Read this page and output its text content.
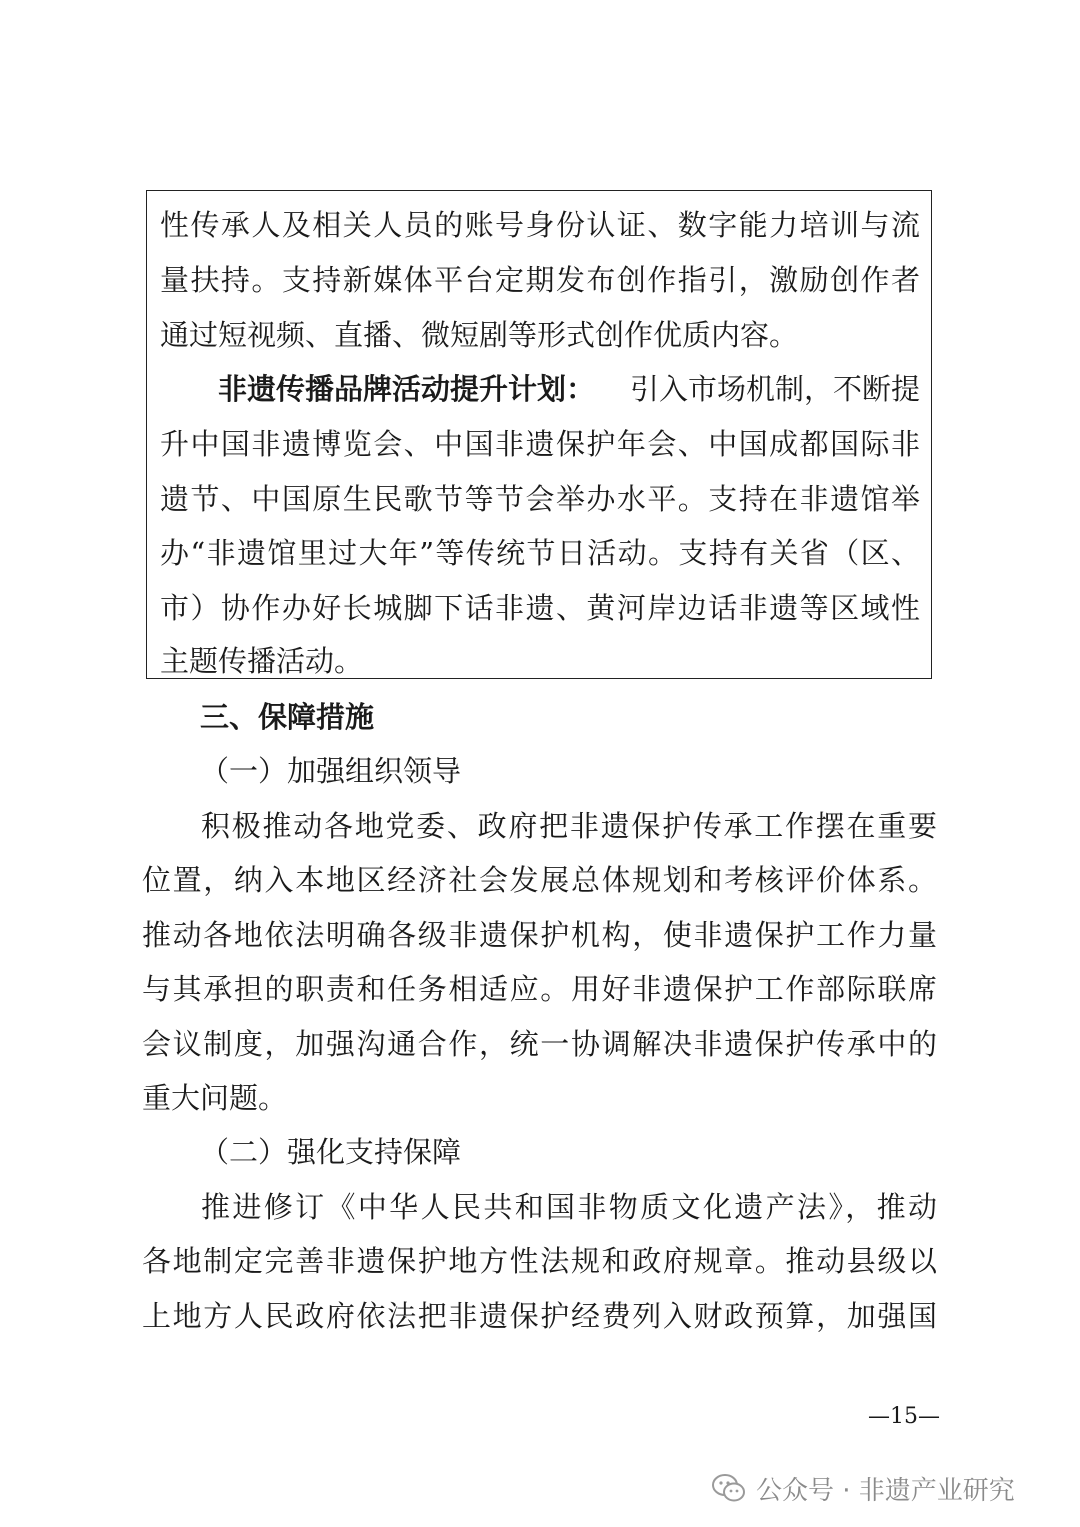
性传承人及相关人员的账号身份认证、数字能力培训与流
量扶持。支持新媒体平台定期发布创作指引，激励创作者
通过短视频、直播、微短剧等形式创作优质内容。
非遗传播品牌活动提升计划： 引入市场机制，不断提
升中国非遗博览会、中国非遗保护年会、中国成都国际非
遗节、中国原生民歌节等节会举办水平。支持在非遗馆举
办“非遗馆里过大年”等传统节日活动。支持有关省（区、
市）协作办好长城脚下话非遗、黄河岸边话非遗等区域性
主题传播活动。
三、保障措施
（一）加强组织领导
积极推动各地党委、政府把非遗保护传承工作摆在重要
位置，纳入本地区经济社会发展总体规划和考核评价体系。
推动各地依法明确各级非遗保护机构，使非遗保护工作力量
与其承担的职责和任务相适应。用好非遗保护工作部际联席
会议制度，加强沟通合作，统一协调解决非遗保护传承中的
重大问题。
（二）强化支持保障
推进修订《中华人民共和国非物质文化遗产法》，推动
各地制定完善非遗保护地方性法规和政府规章。推动县级以
上地方人民政府依法把非遗保护经费列入财政预算，加强国
—15—
公众号 · 非遗产业研究
